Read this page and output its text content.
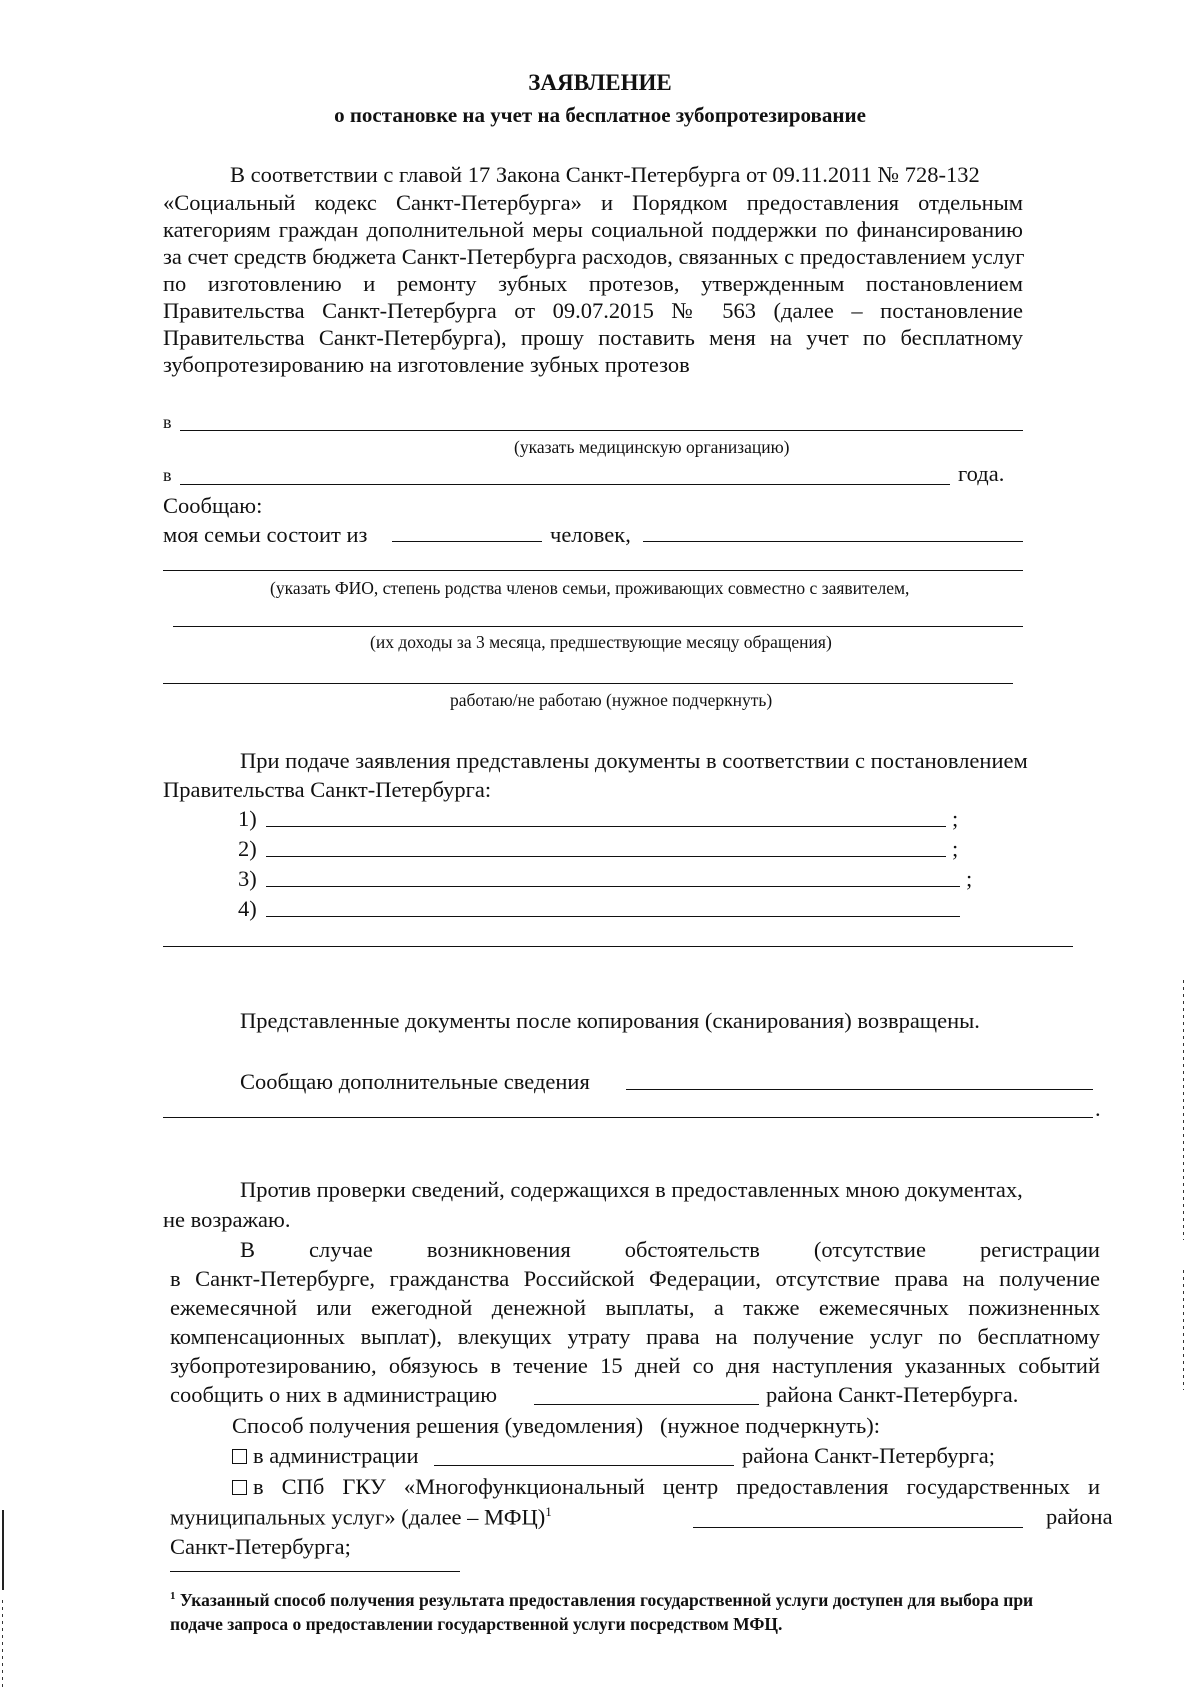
ЗАЯВЛЕНИЕ
о постановке на учет на бесплатное зубопротезирование
В соответствии с главой 17 Закона Санкт-Петербурга от 09.11.2011 № 728-132
«Социальный кодекс Санкт-Петербурга» и Порядком предоставления отдельным
категориям граждан дополнительной меры социальной поддержки по финансированию
за счет средств бюджета Санкт-Петербурга расходов, связанных с предоставлением услуг
по изготовлению и ремонту зубных протезов, утвержденным постановлением
Правительства Санкт-Петербурга от 09.07.2015 № 563 (далее – постановление
Правительства Санкт-Петербурга), прошу поставить меня на учет по бесплатному
зубопротезированию на изготовление зубных протезов
в
(указать медицинскую организацию)
в	года.
Сообщаю:
моя семьи состоит из	человек,
(указать ФИО, степень родства членов семьи, проживающих совместно с заявителем,
(их доходы за 3 месяца, предшествующие месяцу обращения)
работаю/не работаю (нужное подчеркнуть)
При подаче заявления представлены документы в соответствии с постановлением
Правительства Санкт-Петербурга:
1)	;
2)	;
3)	;
4)
Представленные документы после копирования (сканирования) возвращены.
Сообщаю дополнительные сведения
.
Против проверки сведений, содержащихся в предоставленных мною документах,
не возражаю.
В случае возникновения обстоятельств (отсутствие регистрации
в Санкт-Петербурге, гражданства Российской Федерации, отсутствие права на получение
ежемесячной или ежегодной денежной выплаты, а также ежемесячных пожизненных
компенсационных выплат), влекущих утрату права на получение услуг по бесплатному
зубопротезированию, обязуюсь в течение 15 дней со дня наступления указанных событий
сообщить о них в администрацию	района Санкт-Петербурга.
Способ получения решения (уведомления)   (нужное подчеркнуть):
в администрации	района Санкт-Петербурга;
в СПб ГКУ «Многофункциональный центр предоставления государственных и
муниципальных услуг» (далее – МФЦ)$^1$	района
Санкт-Петербурга;
$^1$ Указанный способ получения результата предоставления государственной услуги доступен для выбора при
подаче запроса о предоставлении государственной услуги посредством МФЦ.
